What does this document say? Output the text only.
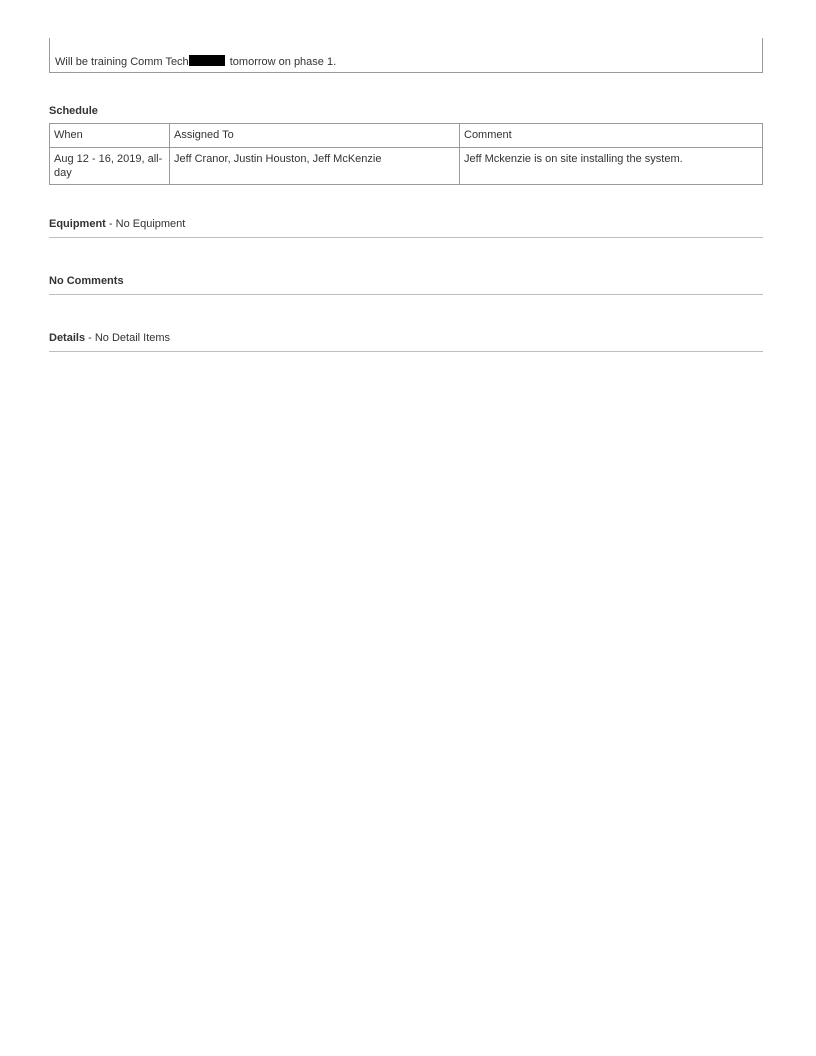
Will be training Comm Tech	tomorrow on phase 1.
Schedule
When	Assigned To	Comment
Aug 12 - 16, 2019, all-day	Jeff Cranor, Justin Houston, Jeff McKenzie	Jeff Mckenzie is on site installing the system.
Equipment - No Equipment
No Comments
Details - No Detail Items
